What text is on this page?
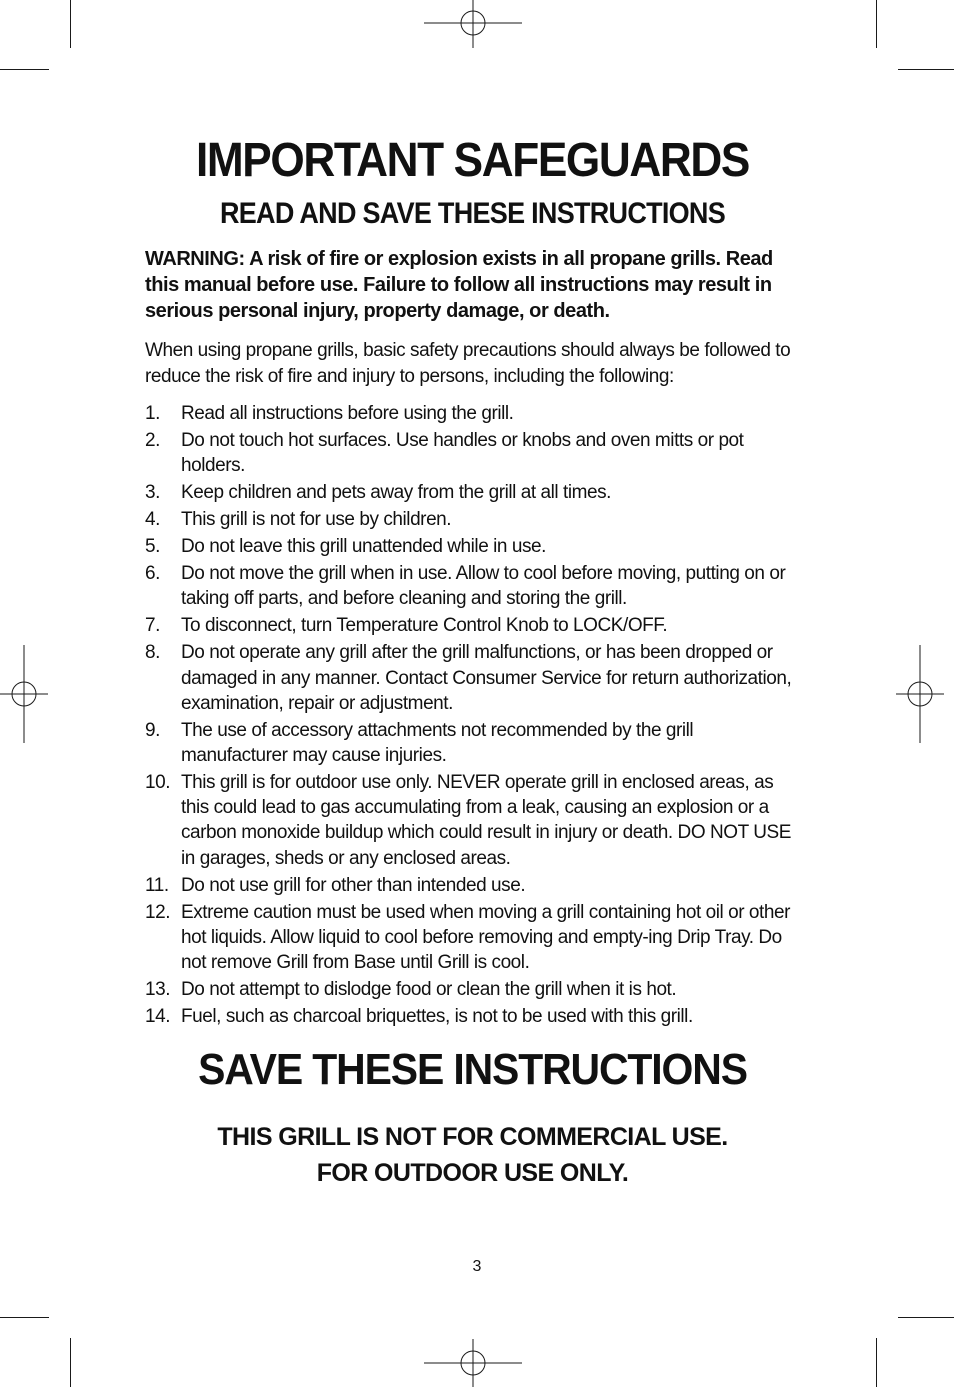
IMPORTANT SAFEGUARDS
READ AND SAVE THESE INSTRUCTIONS

WARNING: A risk of fire or explosion exists in all propane grills. Read this manual before use. Failure to follow all instructions may result in serious personal injury, property damage, or death.

When using propane grills, basic safety precautions should always be followed to reduce the risk of fire and injury to persons, including the following:

1.	Read all instructions before using the grill.
2.	Do not touch hot surfaces. Use handles or knobs and oven mitts or pot holders.
3.	Keep children and pets away from the grill at all times.
4.	This grill is not for use by children.
5.	Do not leave this grill unattended while in use.
6.	Do not move the grill when in use. Allow to cool before moving, putting on or taking off parts, and before cleaning and storing the grill.
7.	To disconnect, turn Temperature Control Knob to LOCK/OFF.
8.	Do not operate any grill after the grill malfunctions, or has been dropped or damaged in any manner. Contact Consumer Service for return authorization, examination, repair or adjustment.
9.	The use of accessory attachments not recommended by the grill manufacturer may cause injuries.
10. This grill is for outdoor use only. NEVER operate grill in enclosed areas, as this could lead to gas accumulating from a leak, causing an explosion or a carbon monoxide buildup which could result in injury or death. DO NOT USE in garages, sheds or any enclosed areas.
11. Do not use grill for other than intended use.
12. Extreme caution must be used when moving a grill containing hot oil or other hot liquids. Allow liquid to cool before removing and empty-ing Drip Tray. Do not remove Grill from Base until Grill is cool.
13. Do not attempt to dislodge food or clean the grill when it is hot.
14. Fuel, such as charcoal briquettes, is not to be used with this grill.
SAVE THESE INSTRUCTIONS

THIS GRILL IS NOT FOR COMMERCIAL USE.
FOR OUTDOOR USE ONLY.

3
